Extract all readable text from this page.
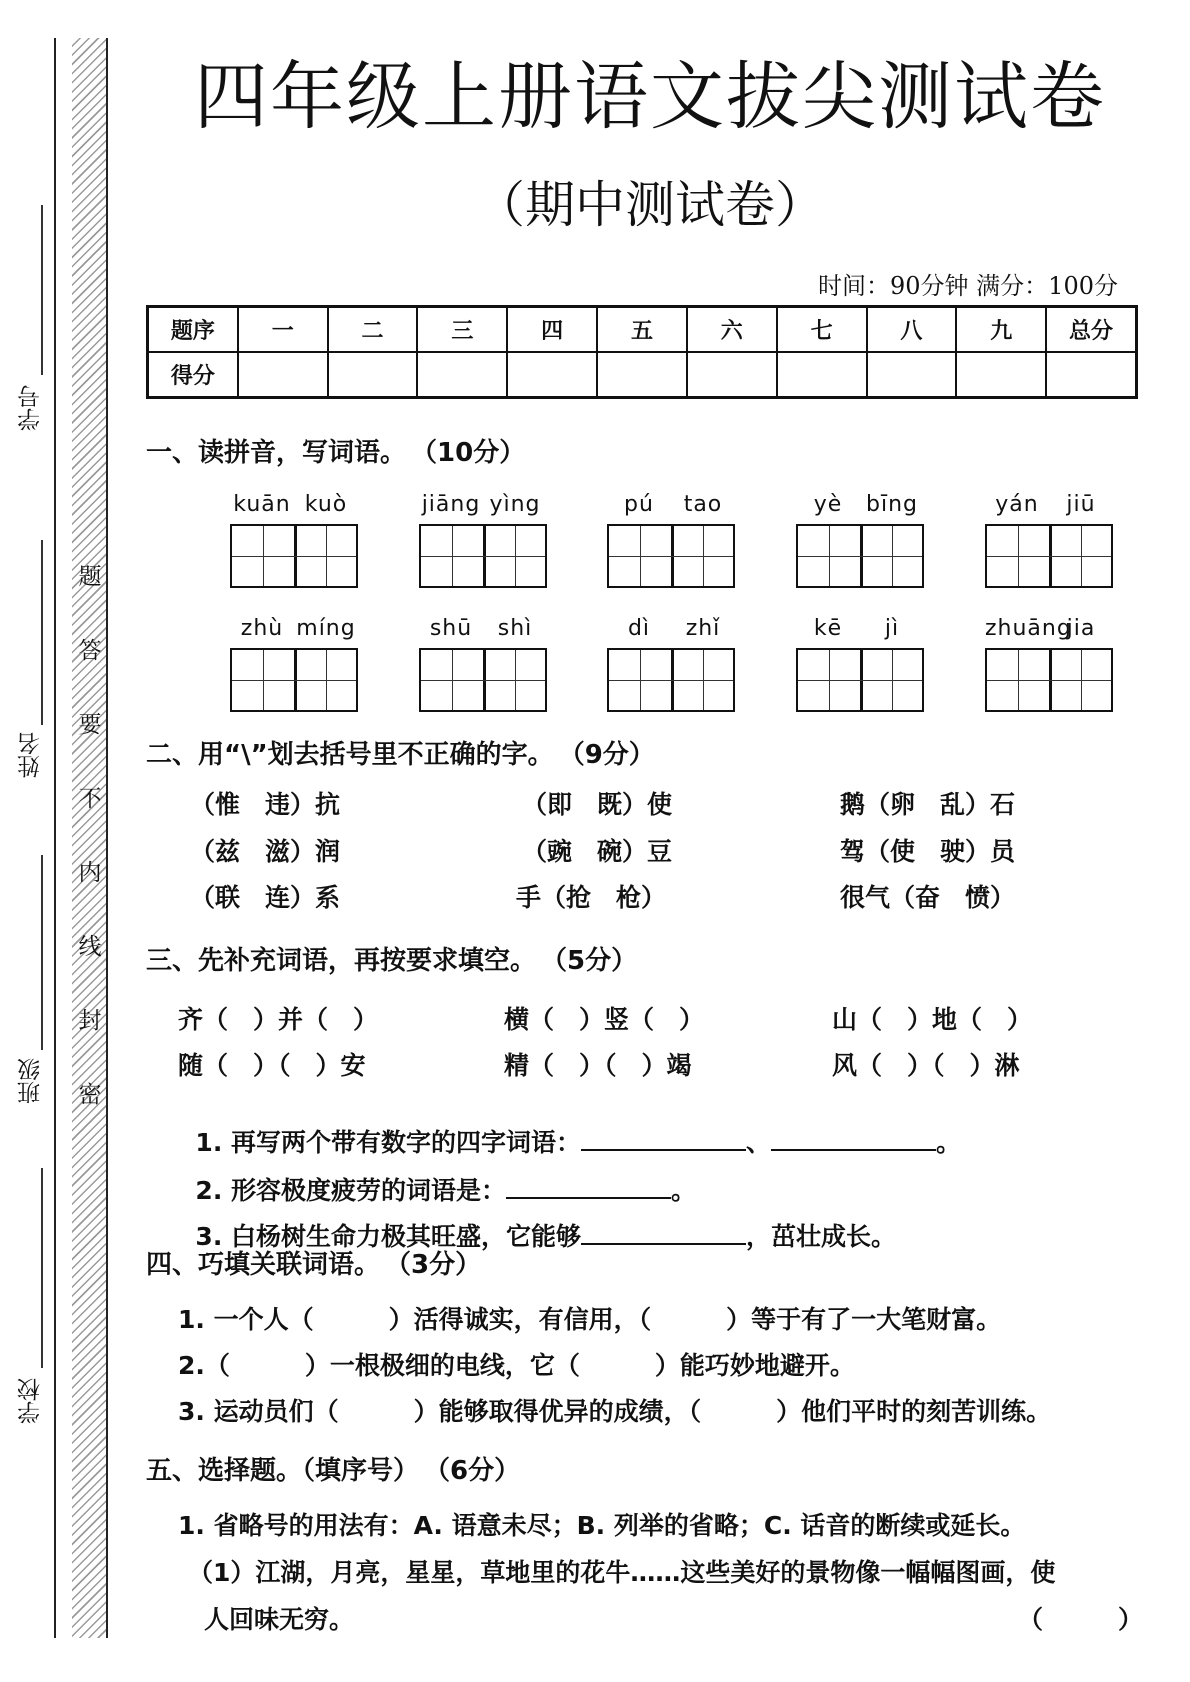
学号
姓名
班级
学校
题
答
要
不
内
线
封
密
四年级上册语文拔尖测试卷
（期中测试卷）
时间：90分钟 满分：100分
题序	一	二	三	四	五	六	七	八	九	总分
得分										
一、读拼音，写词语。 （10分）
kuān kuò	jiāng yìng	pú tao	yè bīng	yán jiū
zhù míng	shū shì	dì zhǐ	kē jì	zhuāngjia
二、用“\”划去括号里不正确的字。 （9分）
（惟　违）抗	（即　既）使	鹅（卵　乱）石
（兹　滋）润	（豌　碗）豆	驾（使　驶）员
（联　连）系	手（抢　枪）	很气（奋　愤）
三、先补充词语，再按要求填空。 （5分）
齐（　）并（　）	横（　）竖（　）	山（　）地（　）
随（　）（　）安	精（　）（　）竭	风（　）（　）淋

1. 再写两个带有数字的四字词语：	、	。

2. 形容极度疲劳的词语是：	。

3. 白杨树生命力极其旺盛，它能够	，茁壮成长。

四、巧填关联词语。 （3分）
1. 一个人（　　　）活得诚实，有信用，（　　　）等于有了一大笔财富。
2.（　　　）一根极细的电线，它（　　　）能巧妙地避开。
3. 运动员们（　　　）能够取得优异的成绩，（　　　）他们平时的刻苦训练。
五、选择题。（填序号） （6分）
1. 省略号的用法有：A. 语意未尽；B. 列举的省略；C. 话音的断续或延长。
（1）江湖，月亮，星星，草地里的花牛……这些美好的景物像一幅幅图画，使
人回味无穷。	（　　　）
